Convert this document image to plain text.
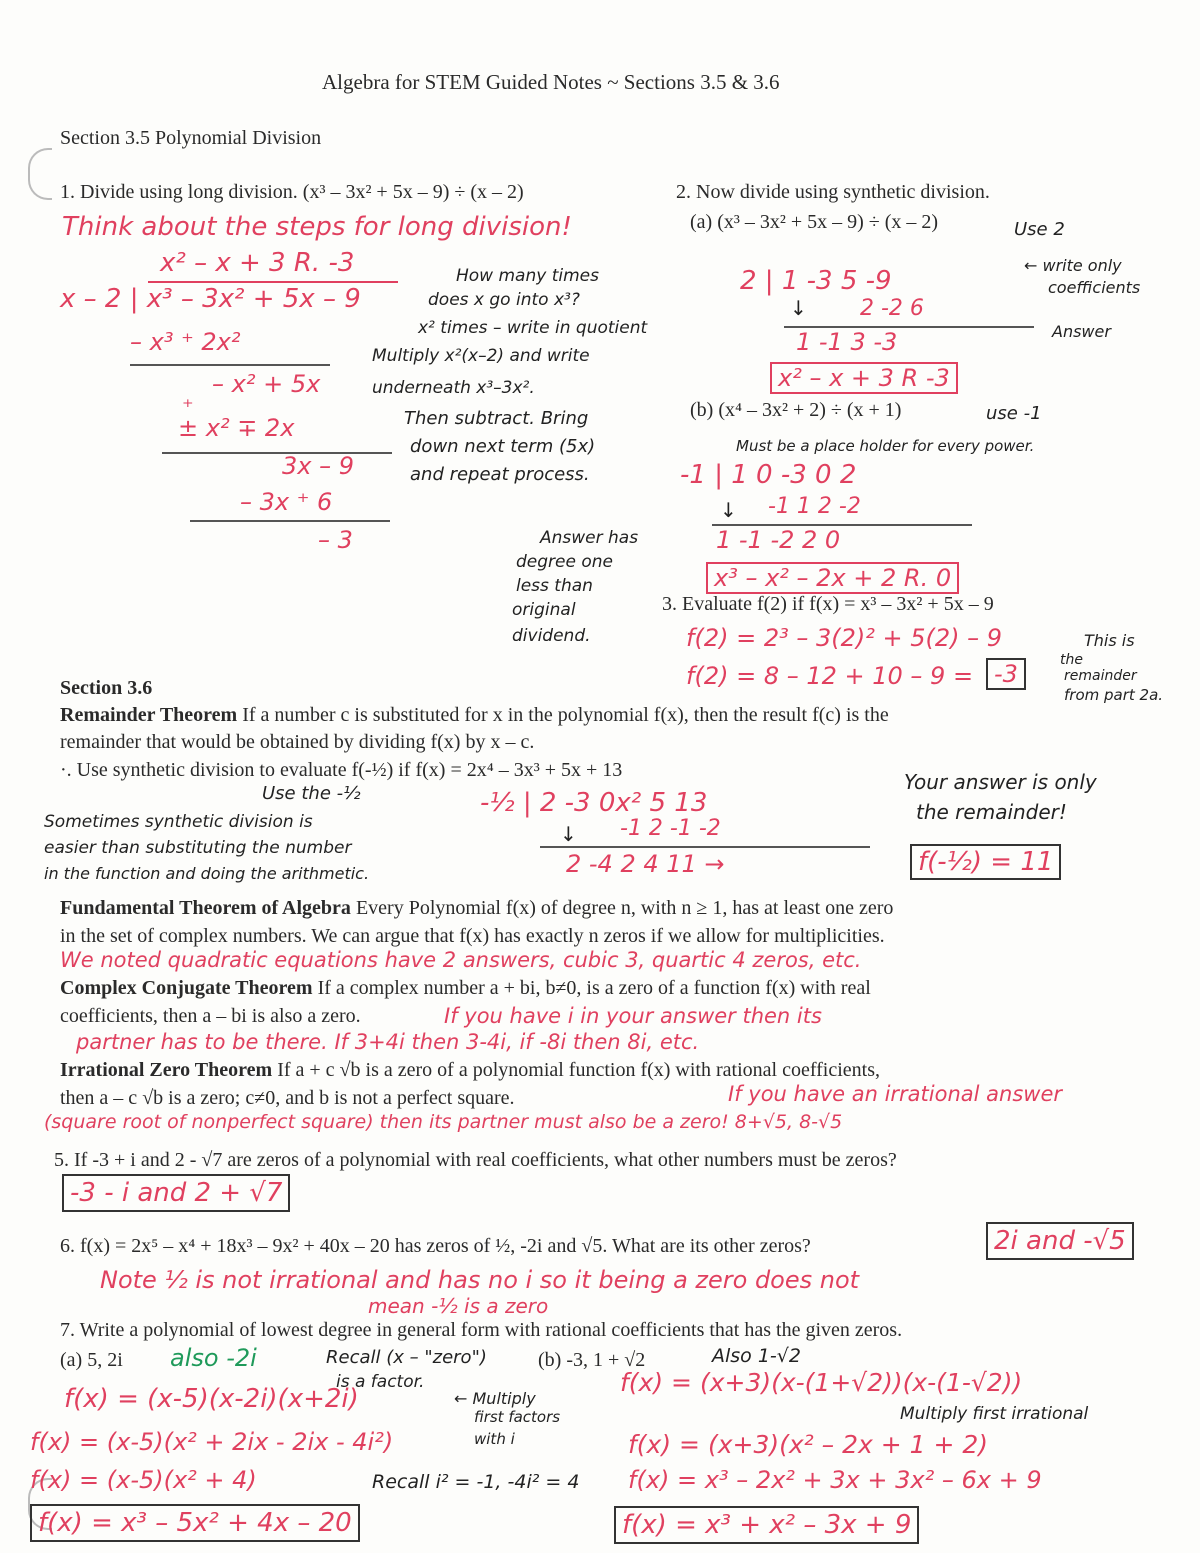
Algebra for STEM Guided Notes ~ Sections 3.5 & 3.6
Section 3.5 Polynomial Division
1. Divide using long division. (x³ – 3x² + 5x – 9) ÷ (x – 2)	2. Now divide using synthetic division.
(a) (x³ – 3x² + 5x – 9) ÷ (x – 2)
Think about the steps for long division!
x² – x + 3 R. -3
x – 2 | x³ – 3x² + 5x – 9
– x³ ⁺ 2x²
– x² + 5x
⁺
± x² ∓ 2x
3x – 9
– 3x ⁺ 6
– 3
How many times
does x go into x³?
x² times – write in quotient
Multiply x²(x–2) and write
underneath x³–3x².
Then subtract. Bring
down next term (5x)
and repeat process.
Use 2
2 | 1 -3 5 -9
2 -2 6
↓
1 -1 3 -3
← write only
coefficients
Answer
x² – x + 3 R -3
(b) (x⁴ – 3x² + 2) ÷ (x + 1)	use -1
Must be a place holder for every power.
-1 | 1 0 -3 0 2
↓ -1 1 2 -2
1 -1 -2 2 0
x³ – x² – 2x + 2 R. 0
Answer has
degree one
less than
original
dividend.
3. Evaluate f(2) if f(x) = x³ – 3x² + 5x – 9
f(2) = 2³ – 3(2)² + 5(2) – 9
f(2) = 8 – 12 + 10 – 9 = -3
This is
the
remainder
from part 2a.
Section 3.6
Remainder Theorem If a number c is substituted for x in the polynomial f(x), then the result f(c) is the
remainder that would be obtained by dividing f(x) by x – c.
·. Use synthetic division to evaluate f(-½) if f(x) = 2x⁴ – 3x³ + 5x + 13
Use the -½	-½ | 2 -3 0x² 5 13
↓ -1 2 -1 -2
2 -4 2 4 11 →	f(-½) = 11
Your answer is only
the remainder!
Sometimes synthetic division is
easier than substituting the number
in the function and doing the arithmetic.
Fundamental Theorem of Algebra Every Polynomial f(x) of degree n, with n ≥ 1, has at least one zero
in the set of complex numbers. We can argue that f(x) has exactly n zeros if we allow for multiplicities.
We noted quadratic equations have 2 answers, cubic 3, quartic 4 zeros, etc.
Complex Conjugate Theorem If a complex number a + bi, b≠0, is a zero of a function f(x) with real
coefficients, then a – bi is also a zero.	If you have i in your answer then its
partner has to be there. If 3+4i then 3-4i, if -8i then 8i, etc.
Irrational Zero Theorem If a + c √b is a zero of a polynomial function f(x) with rational coefficients,
then a – c √b is a zero; c≠0, and b is not a perfect square.	If you have an irrational answer
(square root of nonperfect square) then its partner must also be a zero! 8+√5, 8-√5
5. If -3 + i and 2 - √7 are zeros of a polynomial with real coefficients, what other numbers must be zeros?
-3 - i and 2 + √7
6. f(x) = 2x⁵ – x⁴ + 18x³ – 9x² + 40x – 20 has zeros of ½, -2i and √5. What are its other zeros?	2i and -√5
Note ½ is not irrational and has no i so it being a zero does not
mean -½ is a zero
7. Write a polynomial of lowest degree in general form with rational coefficients that has the given zeros.
(a) 5, 2i also -2i	Recall (x – "zero")
is a factor.
(b) -3, 1 + √2	Also 1-√2
f(x) = (x-5)(x-2i)(x+2i)	← Multiply
first factors
with i
f(x) = (x-5)(x² + 2ix - 2ix - 4i²)
f(x) = (x-5)(x² + 4)	Recall i² = -1, -4i² = 4
f(x) = x³ – 5x² + 4x – 20
f(x) = (x+3)(x-(1+√2))(x-(1-√2))
Multiply first irrational
f(x) = (x+3)(x² – 2x + 1 + 2)
f(x) = x³ – 2x² + 3x + 3x² – 6x + 9
f(x) = x³ + x² – 3x + 9
